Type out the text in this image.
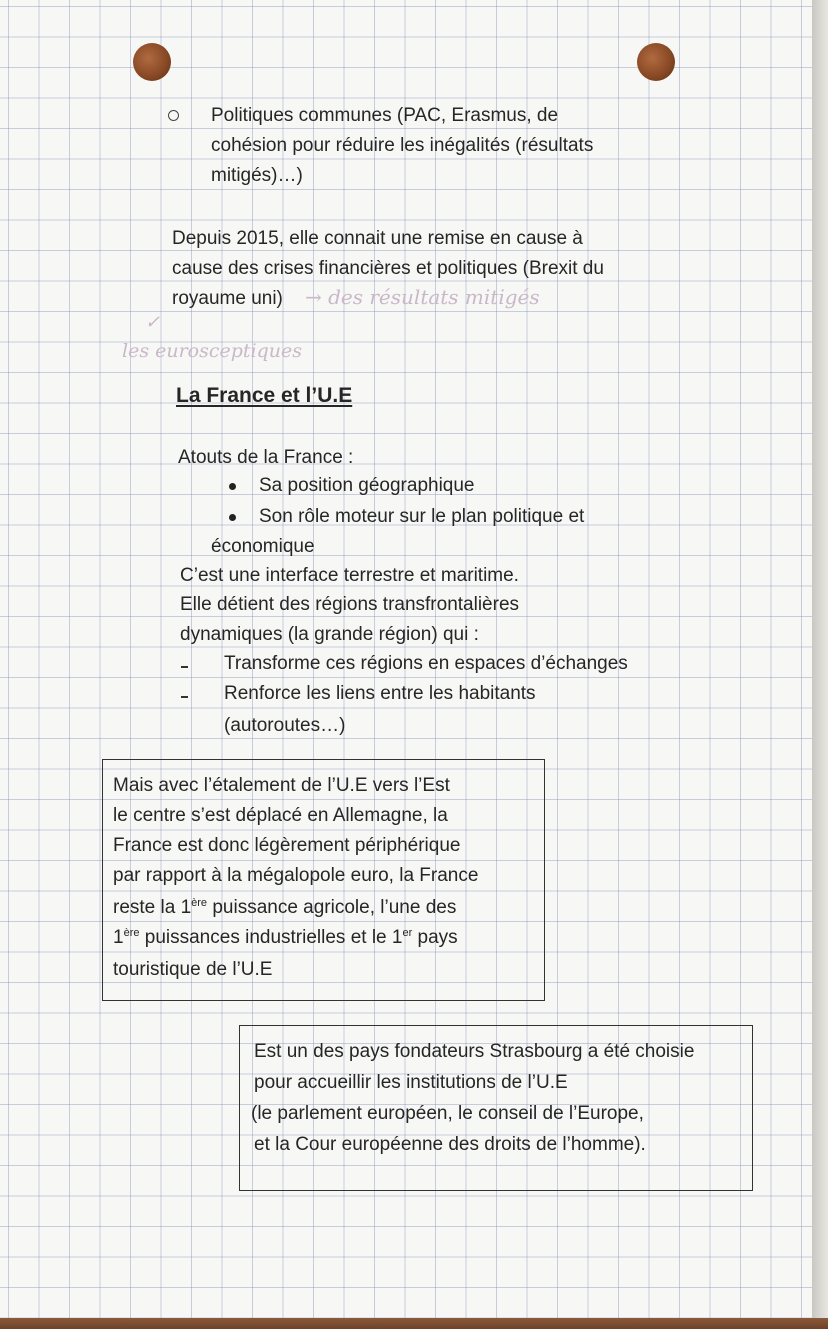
Politiques communes (PAC, Erasmus, de
cohésion pour réduire les inégalités (résultats
mitigés)…)
Depuis 2015, elle connait une remise en cause à
cause des crises financières et politiques (Brexit du
royaume uni) → des résultats mitigés
✓
les eurosceptiques
La France et l’U.E
Atouts de la France :
Sa position géographique
Son rôle moteur sur le plan politique et
économique
C’est une interface terrestre et maritime.
Elle détient des régions transfrontalières
dynamiques (la grande région) qui :
Transforme ces régions en espaces d’échanges
Renforce les liens entre les habitants
(autoroutes…)
Mais avec l’étalement de l’U.E vers l’Est
le centre s’est déplacé en Allemagne, la
France est donc légèrement périphérique
par rapport à la mégalopole euro, la France
reste la 1ère puissance agricole, l’une des
1ère puissances industrielles et le 1er pays
touristique de l’U.E
Est un des pays fondateurs Strasbourg a été choisie
pour accueillir les institutions de l’U.E
(le parlement européen, le conseil de l’Europe,
et la Cour européenne des droits de l’homme).
